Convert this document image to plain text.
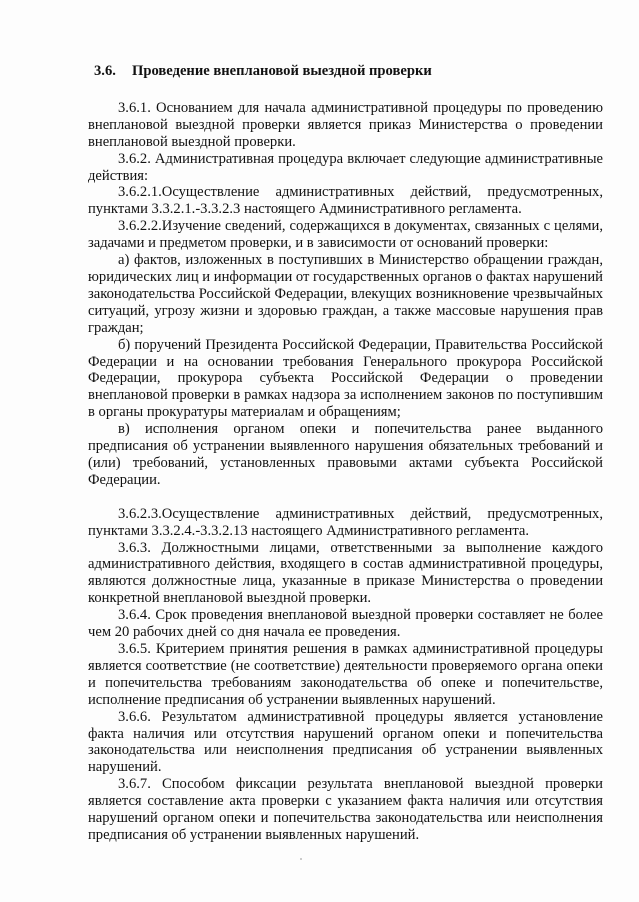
3.6. Проведение внеплановой выездной проверки

3.6.1. Основанием для начала административной процедуры по проведению внеплановой выездной проверки является приказ Министерства о проведении внеплановой выездной проверки.

3.6.2. Административная процедура включает следующие административные действия:

3.6.2.1.Осуществление административных действий, предусмотренных, пунктами 3.3.2.1.-3.3.2.3 настоящего Административного регламента.

3.6.2.2.Изучение сведений, содержащихся в документах, связанных с целями, задачами и предметом проверки, и в зависимости от оснований проверки:

а) фактов, изложенных в поступивших в Министерство обращении граждан, юридических лиц и информации от государственных органов о фактах нарушений законодательства Российской Федерации, влекущих возникновение чрезвычайных ситуаций, угрозу жизни и здоровью граждан, а также массовые нарушения прав граждан;

б) поручений Президента Российской Федерации, Правительства Российской Федерации и на основании требования Генерального прокурора Российской Федерации, прокурора субъекта Российской Федерации о проведении внеплановой проверки в рамках надзора за исполнением законов по поступившим в органы прокуратуры материалам и обращениям;

в) исполнения органом опеки и попечительства ранее выданного предписания об устранении выявленного нарушения обязательных требований и (или) требований, установленных правовыми актами субъекта Российской Федерации.

3.6.2.3.Осуществление административных действий, предусмотренных, пунктами 3.3.2.4.-3.3.2.13 настоящего Административного регламента.

3.6.3. Должностными лицами, ответственными за выполнение каждого административного действия, входящего в состав административной процедуры, являются должностные лица, указанные в приказе Министерства о проведении конкретной внеплановой выездной проверки.

3.6.4. Срок проведения внеплановой выездной проверки составляет не более чем 20 рабочих дней со дня начала ее проведения.

3.6.5. Критерием принятия решения в рамках административной процедуры является соответствие (не соответствие) деятельности проверяемого органа опеки и попечительства требованиям законодательства об опеке и попечительстве, исполнение предписания об устранении выявленных нарушений.

3.6.6. Результатом административной процедуры является установление факта наличия или отсутствия нарушений органом опеки и попечительства законодательства или неисполнения предписания об устранении выявленных нарушений.

3.6.7. Способом фиксации результата внеплановой выездной проверки является составление акта проверки с указанием факта наличия или отсутствия нарушений органом опеки и попечительства законодательства или неисполнения предписания об устранении выявленных нарушений.
